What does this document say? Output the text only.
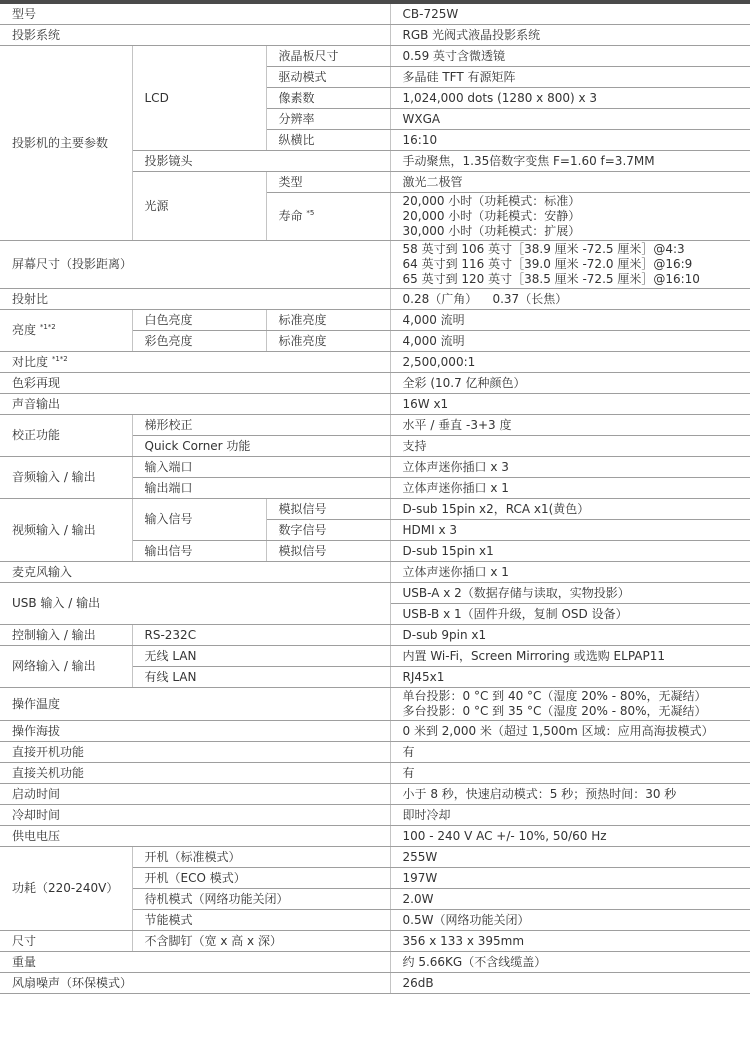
型号			CB-725W
投影系统			RGB 光阀式液晶投影系统
投影机的主要参数	LCD	液晶板尺寸	0.59 英寸含微透镜
		驱动模式	多晶硅 TFT 有源矩阵
		像素数	1,024,000 dots (1280 x 800) x 3
		分辨率	WXGA
		纵横比	16:10
	投影镜头		手动聚焦，1.35倍数字变焦 F=1.60 f=3.7MM
	光源	类型	激光二极管
		寿命 $^{*5}$	20,000 小时（功耗模式：标准）
20,000 小时（功耗模式：安静）
30,000 小时（功耗模式：扩展）

屏幕尺寸（投影距离）			58 英寸到 106 英寸［38.9 厘米 -72.5 厘米］@4:3
64 英寸到 116 英寸［39.0 厘米 -72.0 厘米］@16:9
65 英寸到 120 英寸［38.5 厘米 -72.5 厘米］@16:10

投射比			0.28（广角）    0.37（长焦）
亮度 $^{*1*2}$	白色亮度	标准亮度	4,000 流明
	彩色亮度	标准亮度	4,000 流明
对比度 $^{*1*2}$			2,500,000:1
色彩再现			全彩 (10.7 亿种颜色）
声音输出			16W x1
校正功能	梯形校正		水平 / 垂直 -3+3 度
	Quick Corner 功能		支持
音频输入 / 输出	输入端口		立体声迷你插口 x 3
	输出端口		立体声迷你插口 x 1
视频输入 / 输出	输入信号	模拟信号	D-sub 15pin x2，RCA x1(黄色）
		数字信号	HDMI x 3
	输出信号	模拟信号	D-sub 15pin x1
麦克风输入			立体声迷你插口 x 1
USB 输入 / 输出			USB-A x 2（数据存储与读取，实物投影）
			USB-B x 1（固件升级，复制 OSD 设备）
控制输入 / 输出	RS-232C		D-sub 9pin x1
网络输入 / 输出	无线 LAN		内置 Wi-Fi，Screen Mirroring 或选购 ELPAP11
	有线 LAN		RJ45x1
操作温度			单台投影：0 °C 到 40 °C（湿度 20% - 80%，无凝结）
多台投影：0 °C 到 35 °C（湿度 20% - 80%，无凝结）

操作海拔			0 米到 2,000 米（超过 1,500m 区域：应用高海拔模式）
直接开机功能			有
直接关机功能			有
启动时间			小于 8 秒，快速启动模式：5 秒；预热时间：30 秒
冷却时间			即时冷却
供电电压			100 - 240 V AC +/- 10%, 50/60 Hz
功耗（220-240V）	开机（标准模式）		255W
	开机（ECO 模式）		197W
	待机模式（网络功能关闭）		2.0W
	节能模式		0.5W（网络功能关闭）
尺寸	不含脚钉（宽 x 高 x 深）		356 x 133 x 395mm
重量			约 5.66KG（不含线缆盖）
风扇噪声（环保模式）			26dB
